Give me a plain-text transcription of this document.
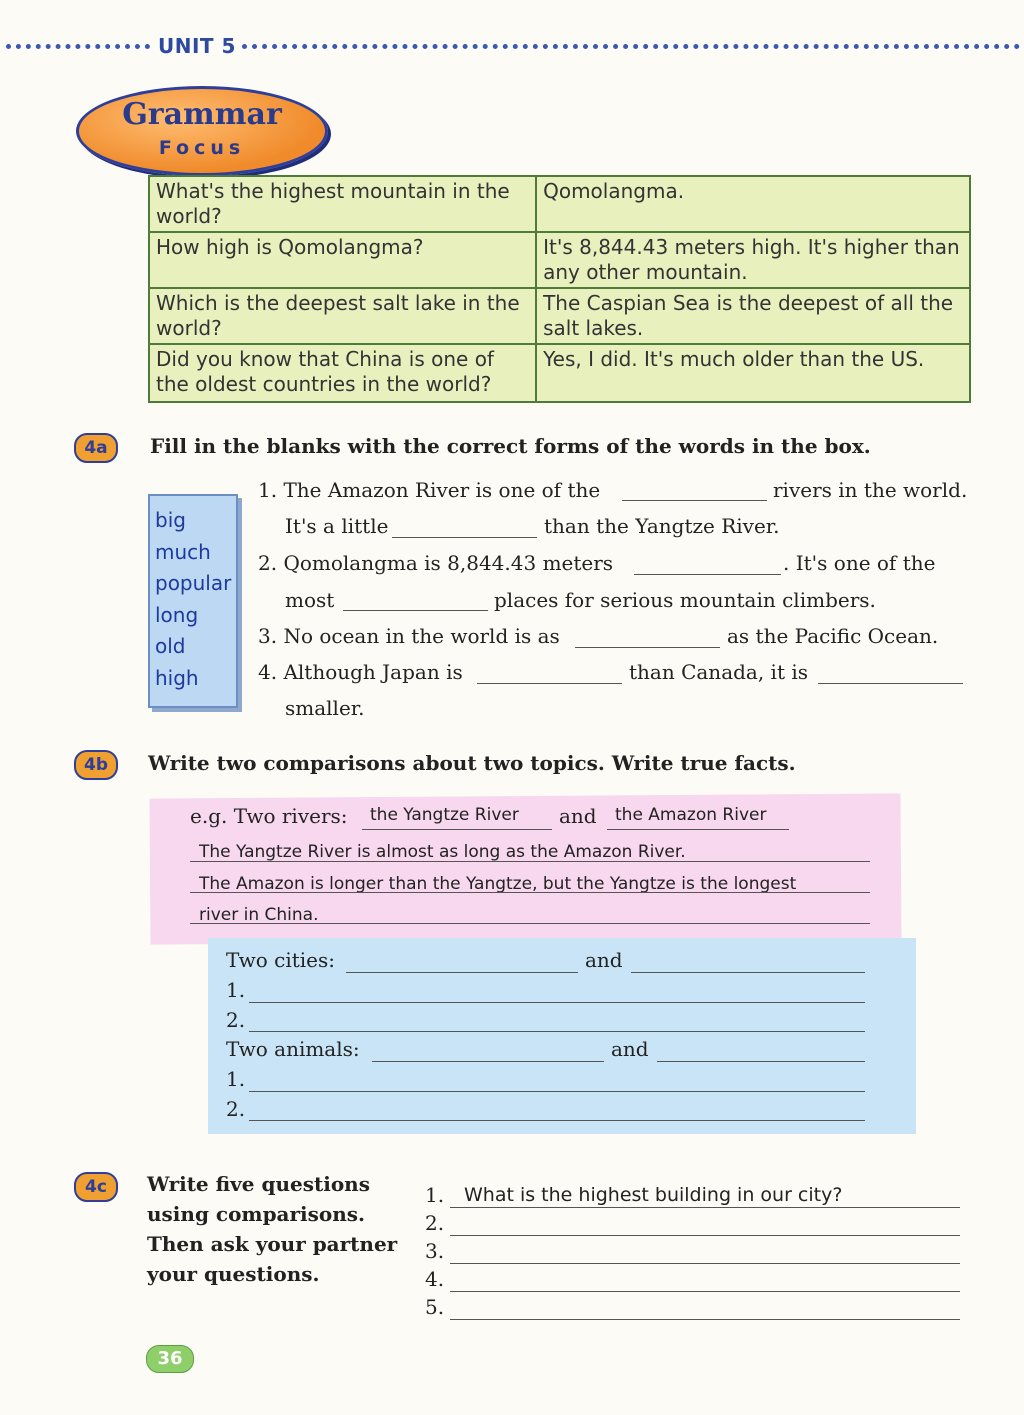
UNIT 5
Grammar
Focus
What's the highest mountain in the world?	Qomolangma.
How high is Qomolangma?	It's 8,844.43 meters high. It's higher than any other mountain.
Which is the deepest salt lake in the world?	The Caspian Sea is the deepest of all the salt lakes.
Did you know that China is one of the oldest countries in the world?	Yes, I did. It's much older than the US.
4a	Fill in the blanks with the correct forms of the words in the box.
big
much
popular
long
old
high
1. The Amazon River is one of the	rivers in the world.
It's a little	than the Yangtze River.
2. Qomolangma is 8,844.43 meters	. It's one of the
most	places for serious mountain climbers.
3. No ocean in the world is as	as the Pacific Ocean.
4. Although Japan is	than Canada, it is
smaller.
4b	Write two comparisons about two topics. Write true facts.
e.g. Two rivers: the Yangtze River and the Amazon River
The Yangtze River is almost as long as the Amazon River.
The Amazon is longer than the Yangtze, but the Yangtze is the longest
river in China.
Two cities:	and
1.
2.
Two animals:	and
1.
2.
4c	Write five questions
using comparisons.
Then ask your partner
your questions.
1. What is the highest building in our city?
2.
3.
4.
5.
36
